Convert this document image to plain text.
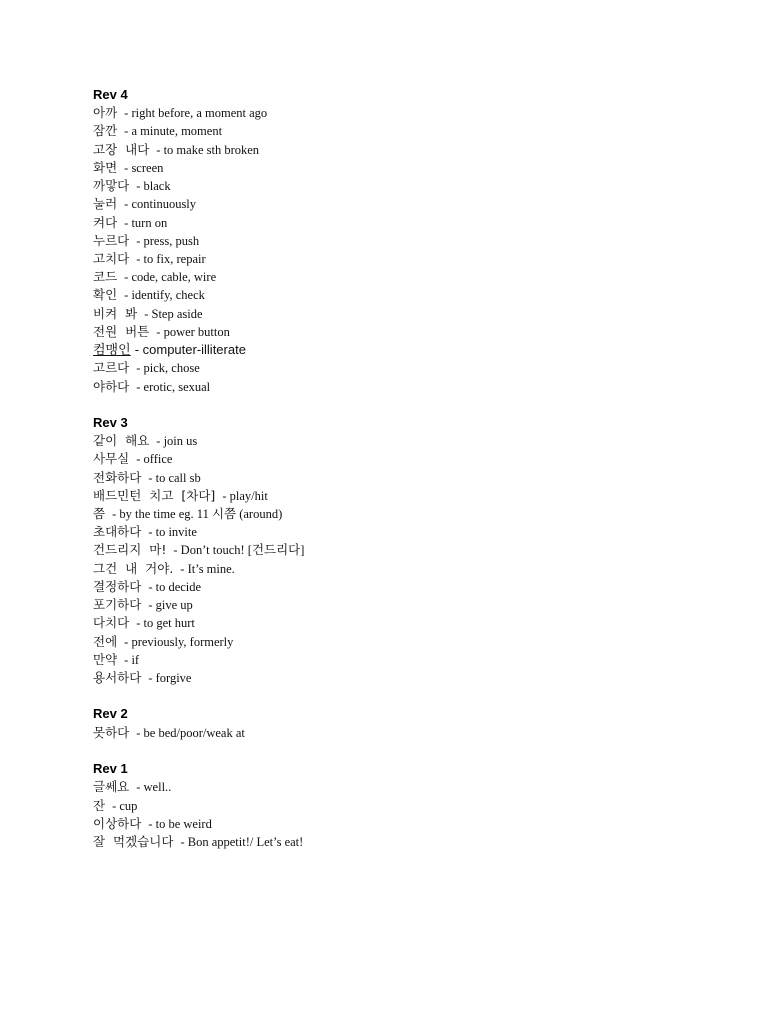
Rev 4
아까 - right before, a moment ago
잠깐 - a minute, moment
고장 내다 - to make sth broken
화면 - screen
까맣다 - black
눌러 - continuously
켜다 - turn on
누르다 - press, push
고치다 - to fix, repair
코드 - code, cable, wire
확인 - identify, check
비켜 봐 - Step aside
전원 버튼 - power button
컴맹인 - computer-illiterate
고르다 - pick, chose
야하다 - erotic, sexual
Rev 3
같이 해요 - join us
사무실 - office
전화하다 - to call sb
배드민턴 치고 [차다] - play/hit
쯤 - by the time eg. 11 시쯤 (around)
초대하다 - to invite
건드리지 마! - Don’t touch! [건드리다]
그건 내 거야. - It’s mine.
결정하다 - to decide
포기하다 - give up
다치다 - to get hurt
전에 - previously, formerly
만약 - if
용서하다 - forgive
Rev 2
못하다 - be bed/poor/weak at
Rev 1
글쎄요 - well..
잔 - cup
이상하다 - to be weird
잘 먹겠습니다 - Bon appetit!/ Let’s eat!
